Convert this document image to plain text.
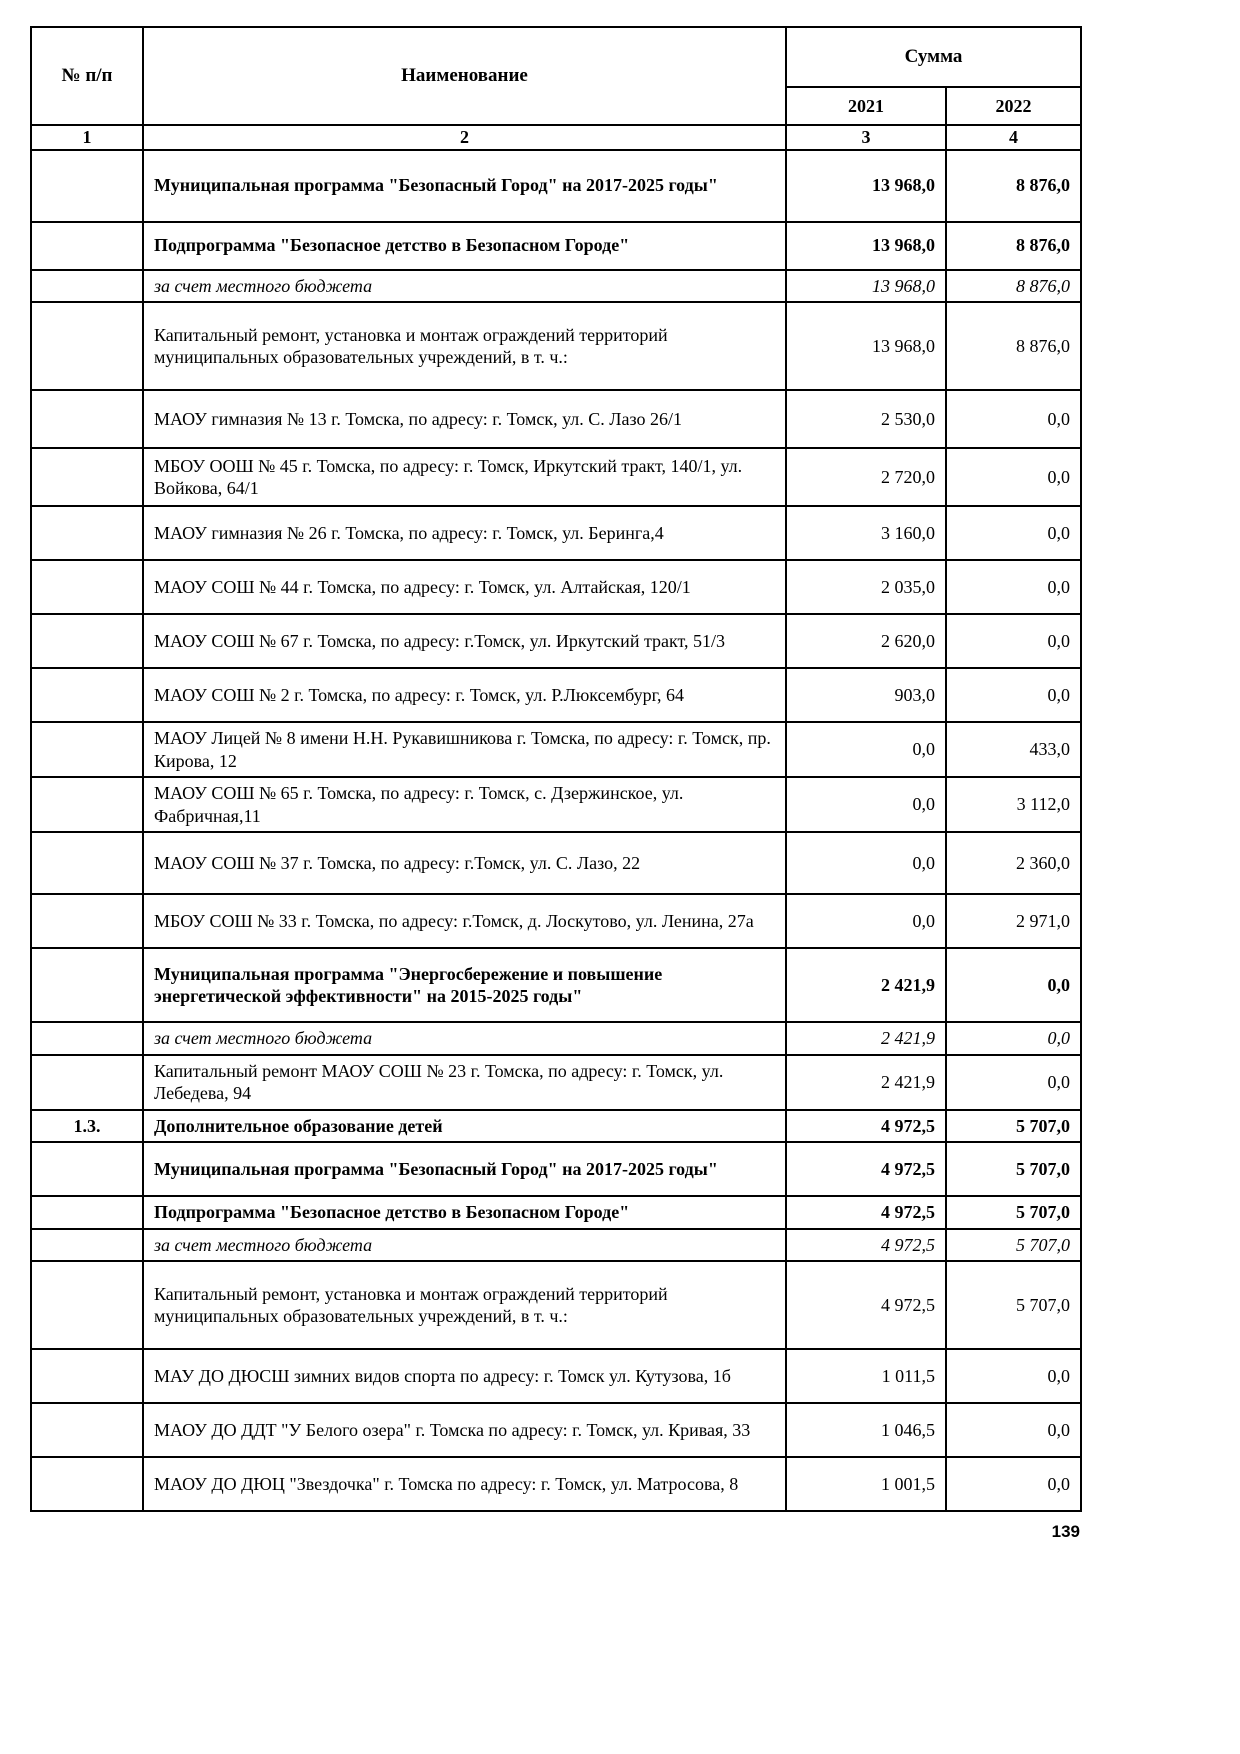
№ п/п	Наименование	Сумма	
		2021	2022
1	2	3	4
	Муниципальная программа "Безопасный Город" на 2017-2025 годы"	13 968,0	8 876,0
	Подпрограмма "Безопасное детство в Безопасном Городе"	13 968,0	8 876,0
	за счет местного бюджета	13 968,0	8 876,0
	Капитальный ремонт, установка и монтаж ограждений территорий муниципальных образовательных учреждений, в т. ч.:	13 968,0	8 876,0
	МАОУ гимназия № 13 г. Томска, по адресу: г. Томск, ул. С. Лазо 26/1	2 530,0	0,0
	МБОУ ООШ № 45 г. Томска, по адресу: г. Томск, Иркутский тракт, 140/1, ул. Войкова, 64/1	2 720,0	0,0
	МАОУ гимназия № 26 г. Томска, по адресу: г. Томск, ул. Беринга,4	3 160,0	0,0
	МАОУ СОШ № 44 г. Томска, по адресу: г. Томск, ул. Алтайская, 120/1	2 035,0	0,0
	МАОУ СОШ № 67 г. Томска, по адресу: г.Томск, ул. Иркутский тракт, 51/3	2 620,0	0,0
	МАОУ СОШ № 2 г. Томска, по адресу: г. Томск, ул. Р.Люксембург, 64	903,0	0,0
	МАОУ Лицей № 8 имени Н.Н. Рукавишникова г. Томска, по адресу: г. Томск, пр. Кирова, 12	0,0	433,0
	МАОУ СОШ № 65 г. Томска, по адресу: г. Томск, с. Дзержинское, ул. Фабричная,11	0,0	3 112,0
	МАОУ СОШ № 37 г. Томска, по адресу: г.Томск, ул. С. Лазо, 22	0,0	2 360,0
	МБОУ СОШ № 33 г. Томска, по адресу: г.Томск, д. Лоскутово, ул. Ленина, 27а	0,0	2 971,0
	Муниципальная программа "Энергосбережение и повышение энергетической эффективности" на 2015-2025 годы"	2 421,9	0,0
	за счет местного бюджета	2 421,9	0,0
	Капитальный ремонт МАОУ СОШ № 23 г. Томска, по адресу: г. Томск, ул. Лебедева, 94	2 421,9	0,0
1.3.	Дополнительное образование детей	4 972,5	5 707,0
	Муниципальная программа "Безопасный Город" на 2017-2025 годы"	4 972,5	5 707,0
	Подпрограмма "Безопасное детство в Безопасном Городе"	4 972,5	5 707,0
	за счет местного бюджета	4 972,5	5 707,0
	Капитальный ремонт, установка и монтаж ограждений территорий муниципальных образовательных учреждений, в т. ч.:	4 972,5	5 707,0
	МАУ ДО ДЮСШ зимних видов спорта по адресу: г. Томск ул. Кутузова, 1б	1 011,5	0,0
	МАОУ ДО ДДТ "У Белого озера" г. Томска по адресу: г. Томск, ул. Кривая, 33	1 046,5	0,0
	МАОУ ДО ДЮЦ "Звездочка" г. Томска по адресу: г. Томск, ул. Матросова, 8	1 001,5	0,0
139
